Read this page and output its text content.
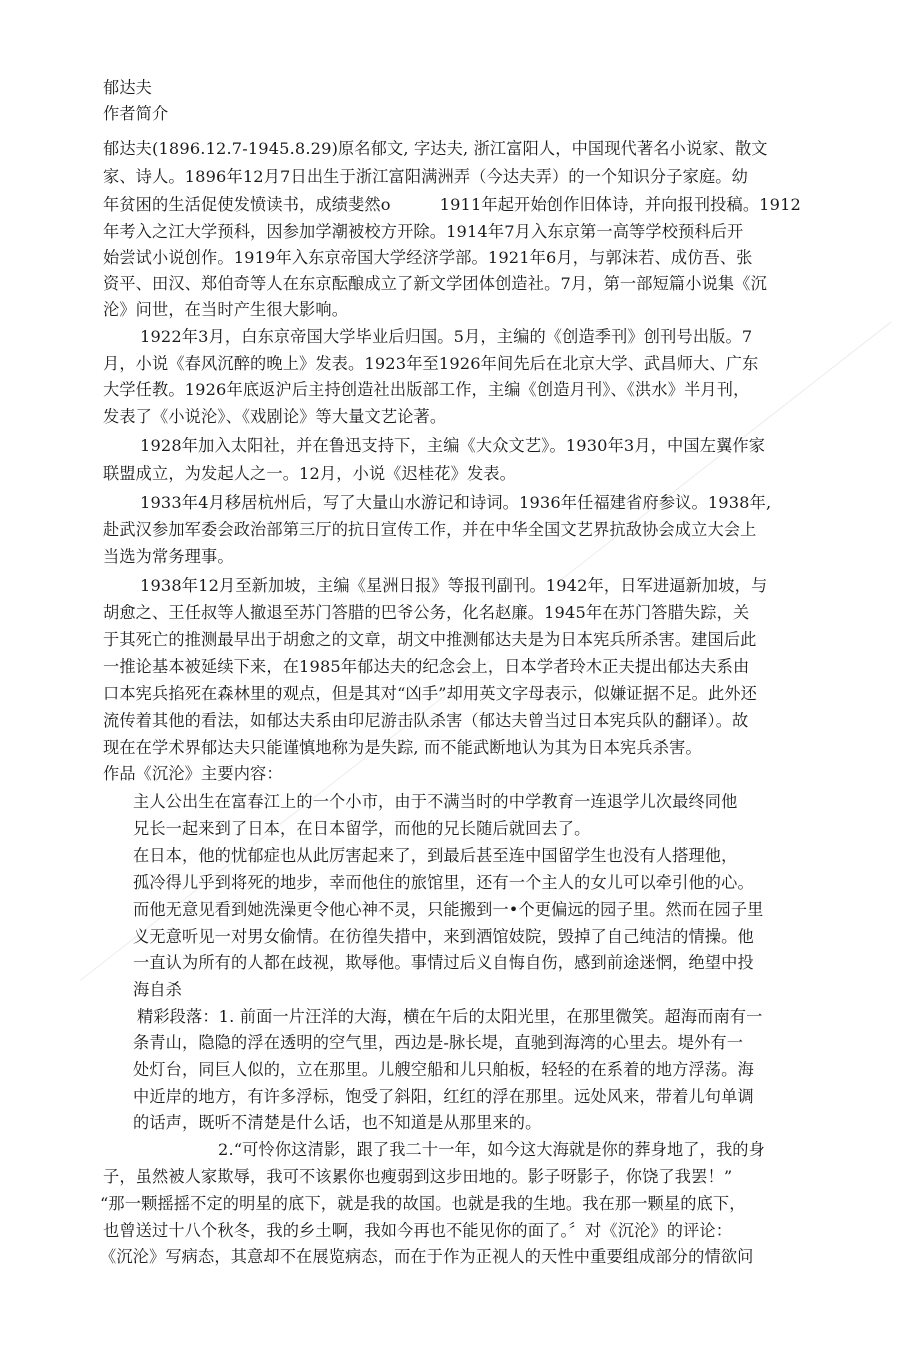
郁达夫
作者简介
郁达夫(1896.12.7-1945.8.29)原名郁文, 字达夫, 浙江富阳人，中国现代著名小说家、散文
家、诗人。1896年12月7日出生于浙江富阳满洲弄（今达夫弄）的一个知识分子家庭。幼
年贫困的生活促使发愤读书，成绩斐然o　　　1911年起开始创作旧体诗，并向报刊投稿。1912
年考入之江大学预科，因参加学潮被校方开除。1914年7月入东京第一高等学校预科后开
始尝试小说创作。1919年入东京帝国大学经济学部。1921年6月，与郭沫若、成仿吾、张
资平、田汉、郑伯奇等人在东京酝酿成立了新文学团体创造社。7月，第一部短篇小说集《沉
沦》问世，在当时产生很大影响。
1922年3月，白东京帝国大学毕业后归国。5月，主编的《创造季刊》创刊号出版。7
月，小说《春风沉醉的晚上》发表。1923年至1926年间先后在北京大学、武昌师大、广东
大学任教。1926年底返沪后主持创造社出版部工作，主编《创造月刊》、《洪水》半月刊，
发表了《小说沦》、《戏剧论》等大量文艺论著。
1928年加入太阳社，并在鲁迅支持下，主编《大众文艺》。1930年3月，中国左翼作家
联盟成立，为发起人之一。12月，小说《迟桂花》发表。
1933年4月移居杭州后，写了大量山水游记和诗词。1936年任福建省府参议。1938年,
赴武汉参加军委会政治部第三厅的抗日宣传工作，并在中华全国文艺界抗敌协会成立大会上
当选为常务理事。
1938年12月至新加坡，主编《星洲日报》等报刊副刊。1942年，日军进逼新加坡，与
胡愈之、王任叔等人撤退至苏门答腊的巴爷公务，化名赵廉。1945年在苏门答腊失踪，关
于其死亡的推测最早出于胡愈之的文章，胡文中推测郁达夫是为日本宪兵所杀害。建国后此
一推论基本被延续下来，在1985年郁达夫的纪念会上，日本学者玲木正夫提出郁达夫系由
口本宪兵掐死在森林里的观点，但是其对“凶手”却用英文字母表示，似嫌证据不足。此外还
流传着其他的看法，如郁达夫系由印尼游击队杀害（郁达夫曾当过日本宪兵队的翻译）。故
现在在学术界郁达夫只能谨慎地称为是失踪, 而不能武断地认为其为日本宪兵杀害。
作品《沉沦》主要内容：
主人公出生在富春江上的一个小市，由于不满当时的中学教育一连退学儿次最终同他
兄长一起来到了日本，在日本留学，而他的兄长随后就回去了。
在日本，他的忧郁症也从此厉害起来了，到最后甚至连中国留学生也没有人搭理他，
孤冷得儿乎到将死的地步，幸而他住的旅馆里，还有一个主人的女儿可以牵引他的心。
而他无意见看到她洗澡更令他心神不灵，只能搬到一•个更偏远的园子里。然而在园子里
义无意听见一对男女偷情。在彷徨失措中，来到酒馆妓院，毁掉了自己纯洁的情操。他
一直认为所有的人都在歧视，欺辱他。事情过后义自悔自伤，感到前途迷惘，绝望中投
海自杀
精彩段落：1. 前面一片汪洋的大海，横在午后的太阳光里，在那里微笑。超海而南有一
条青山，隐隐的浮在透明的空气里，西边是-脉长堤，直驰到海湾的心里去。堤外有一
处灯台，同巨人似的，立在那里。儿艘空船和儿只舶板，轻轻的在系着的地方浮荡。海
中近岸的地方，有许多浮标，饱受了斜阳，红红的浮在那里。远处风来，带着儿句单调
的话声，既听不清楚是什么话，也不知道是从那里来的。
2.“可怜你这清影，跟了我二十一年，如今这大海就是你的葬身地了，我的身
子，虽然被人家欺辱，我可不该累你也瘦弱到这步田地的。影子呀影子，你饶了我罢！”
“那一颗摇摇不定的明星的底下，就是我的故国。也就是我的生地。我在那一颗星的底下，
也曾送过十八个秋冬，我的乡土啊，我如今再也不能见你的面了。〞对《沉沦》的评论：
《沉沦》写病态，其意却不在展览病态，而在于作为正视人的天性中重要组成部分的情欲问
